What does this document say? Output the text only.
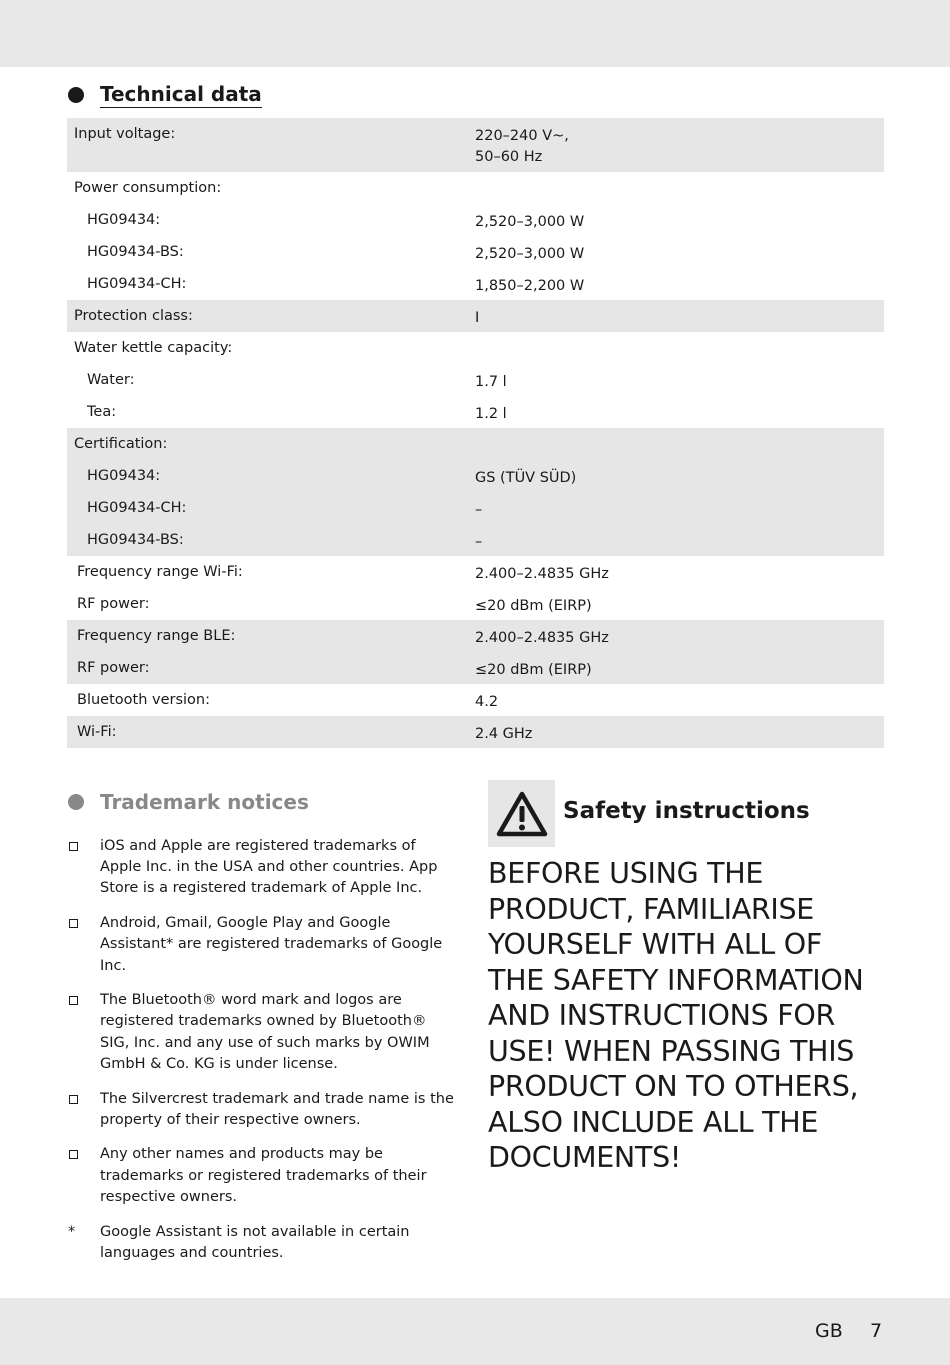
Technical data
Input voltage:	220–240 V~,
50–60 Hz
Power consumption:
HG09434:	2,520–3,000 W
HG09434-BS:	2,520–3,000 W
HG09434-CH:	1,850–2,200 W
Protection class:	I
Water kettle capacity:
Water:	1.7 l
Tea:	1.2 l
Certification:
HG09434:	GS (TÜV SÜD)
HG09434-CH:	–
HG09434-BS:	–
Frequency range Wi-Fi:	2.400–2.4835 GHz
RF power:	≤20 dBm (EIRP)
Frequency range BLE:	2.400–2.4835 GHz
RF power:	≤20 dBm (EIRP)
Bluetooth version:	4.2
Wi-Fi:	2.4 GHz
Trademark notices
iOS and Apple are registered trademarks of Apple Inc. in the USA and other countries. App Store is a registered trademark of Apple Inc.
Android, Gmail, Google Play and Google Assistant* are registered trademarks of Google Inc.
The Bluetooth® word mark and logos are registered trademarks owned by Bluetooth® SIG, Inc. and any use of such marks by OWIM GmbH & Co. KG is under license.
The Silvercrest trademark and trade name is the property of their respective owners.
Any other names and products may be trademarks or registered trademarks of their respective owners.
* Google Assistant is not available in certain languages and countries.
Safety instructions
BEFORE USING THE PRODUCT, FAMILIARISE YOURSELF WITH ALL OF THE SAFETY INFORMATION AND INSTRUCTIONS FOR USE! WHEN PASSING THIS PRODUCT ON TO OTHERS, ALSO INCLUDE ALL THE DOCUMENTS!
GB 7
